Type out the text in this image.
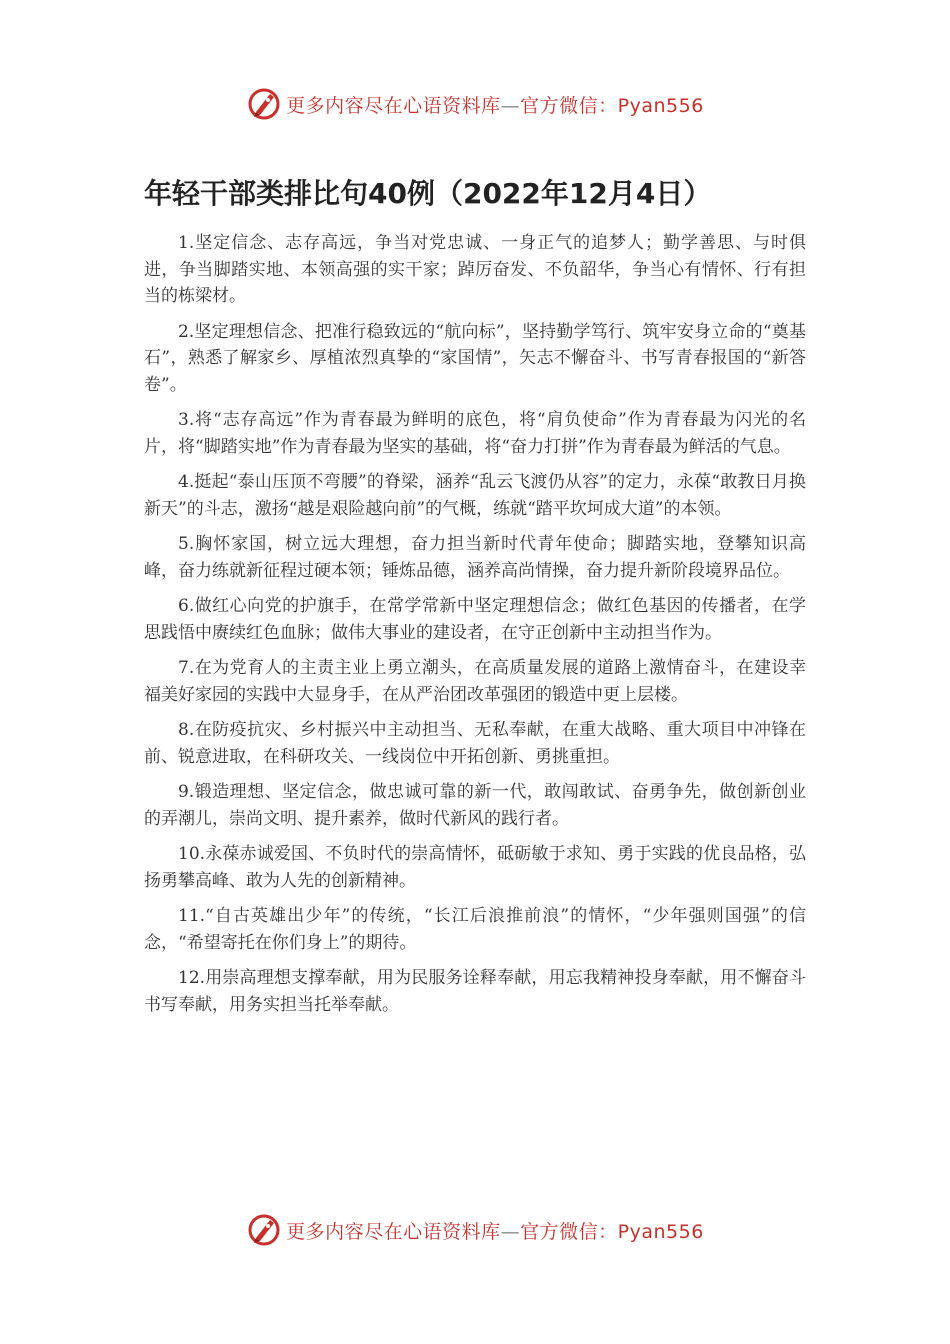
更多内容尽在心语资料库—官方微信：Pyan556
年轻干部类排比句40例（2022年12月4日）

1.坚定信念、志存高远，争当对党忠诚、一身正气的追梦人；勤学善思、与时俱进，争当脚踏实地、本领高强的实干家；踔厉奋发、不负韶华，争当心有情怀、行有担当的栋梁材。

2.坚定理想信念、把准行稳致远的“航向标”，坚持勤学笃行、筑牢安身立命的“奠基石”，熟悉了解家乡、厚植浓烈真挚的“家国情”，矢志不懈奋斗、书写青春报国的“新答卷”。

3.将“志存高远”作为青春最为鲜明的底色，将“肩负使命”作为青春最为闪光的名片，将“脚踏实地”作为青春最为坚实的基础，将“奋力打拼”作为青春最为鲜活的气息。

4.挺起“泰山压顶不弯腰”的脊梁，涵养“乱云飞渡仍从容”的定力，永葆“敢教日月换新天”的斗志，激扬“越是艰险越向前”的气概，练就“踏平坎坷成大道”的本领。

5.胸怀家国，树立远大理想，奋力担当新时代青年使命；脚踏实地，登攀知识高峰，奋力练就新征程过硬本领；锤炼品德，涵养高尚情操，奋力提升新阶段境界品位。

6.做红心向党的护旗手，在常学常新中坚定理想信念；做红色基因的传播者，在学思践悟中赓续红色血脉；做伟大事业的建设者，在守正创新中主动担当作为。

7.在为党育人的主责主业上勇立潮头，在高质量发展的道路上激情奋斗，在建设幸福美好家园的实践中大显身手，在从严治团改革强团的锻造中更上层楼。

8.在防疫抗灾、乡村振兴中主动担当、无私奉献，在重大战略、重大项目中冲锋在前、锐意进取，在科研攻关、一线岗位中开拓创新、勇挑重担。

9.锻造理想、坚定信念，做忠诚可靠的新一代，敢闯敢试、奋勇争先，做创新创业的弄潮儿，崇尚文明、提升素养，做时代新风的践行者。

10.永葆赤诚爱国、不负时代的崇高情怀，砥砺敏于求知、勇于实践的优良品格，弘扬勇攀高峰、敢为人先的创新精神。

11.“自古英雄出少年”的传统，“长江后浪推前浪”的情怀，“少年强则国强”的信念，“希望寄托在你们身上”的期待。

12.用崇高理想支撑奉献，用为民服务诠释奉献，用忘我精神投身奉献，用不懈奋斗书写奉献，用务实担当托举奉献。

更多内容尽在心语资料库—官方微信：Pyan556
